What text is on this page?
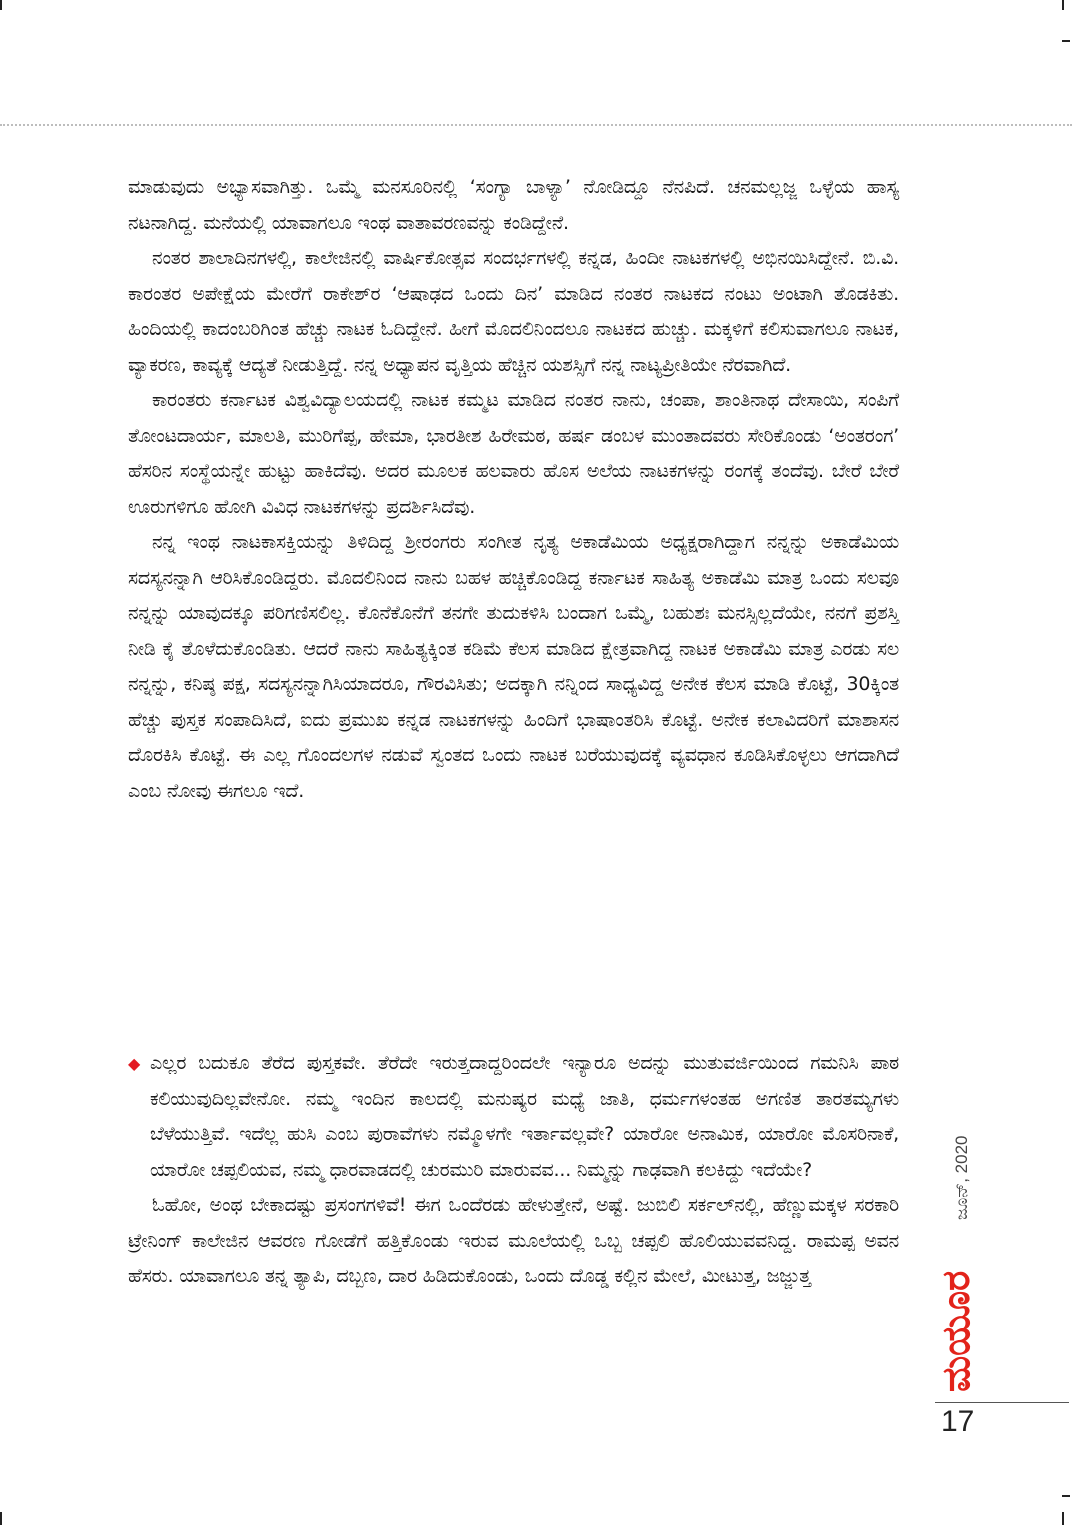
ಮಾಡುವುದು ಅಭ್ಯಾಸವಾಗಿತ್ತು. ಒಮ್ಮೆ ಮನಸೂರಿನಲ್ಲಿ ‘ಸಂಗ್ಯಾ ಬಾಳ್ಯಾ’ ನೋಡಿದ್ದೂ ನೆನಪಿದೆ. ಚನಮಲ್ಲಜ್ಜ ಒಳ್ಳೆಯ ಹಾಸ್ಯ ನಟನಾಗಿದ್ದ. ಮನೆಯಲ್ಲಿ ಯಾವಾಗಲೂ ಇಂಥ ವಾತಾವರಣವನ್ನು ಕಂಡಿದ್ದೇನೆ.

ನಂತರ ಶಾಲಾದಿನಗಳಲ್ಲಿ, ಕಾಲೇಜಿನಲ್ಲಿ ವಾರ್ಷಿಕೋತ್ಸವ ಸಂದರ್ಭಗಳಲ್ಲಿ ಕನ್ನಡ, ಹಿಂದೀ ನಾಟಕಗಳಲ್ಲಿ ಅಭಿನಯಿಸಿದ್ದೇನೆ. ಬಿ.ವಿ. ಕಾರಂತರ ಅಪೇಕ್ಷೆಯ ಮೇರೆಗೆ ರಾಕೇಶ್‌ರ ‘ಆಷಾಢದ ಒಂದು ದಿನ’ ಮಾಡಿದ ನಂತರ ನಾಟಕದ ನಂಟು ಅಂಟಾಗಿ ತೊಡಕಿತು. ಹಿಂದಿಯಲ್ಲಿ ಕಾದಂಬರಿಗಿಂತ ಹೆಚ್ಚು ನಾಟಕ ಓದಿದ್ದೇನೆ. ಹೀಗೆ ಮೊದಲಿನಿಂದಲೂ ನಾಟಕದ ಹುಚ್ಚು. ಮಕ್ಕಳಿಗೆ ಕಲಿಸುವಾಗಲೂ ನಾಟಕ, ವ್ಯಾಕರಣ, ಕಾವ್ಯಕ್ಕೆ ಆದ್ಯತೆ ನೀಡುತ್ತಿದ್ದೆ. ನನ್ನ ಅಧ್ಯಾಪನ ವೃತ್ತಿಯ ಹೆಚ್ಚಿನ ಯಶಸ್ಸಿಗೆ ನನ್ನ ನಾಟ್ಯಪ್ರೀತಿಯೇ ನೆರವಾಗಿದೆ.

ಕಾರಂತರು ಕರ್ನಾಟಕ ವಿಶ್ವವಿದ್ಯಾಲಯದಲ್ಲಿ ನಾಟಕ ಕಮ್ಮಟ ಮಾಡಿದ ನಂತರ ನಾನು, ಚಂಪಾ, ಶಾಂತಿನಾಥ ದೇಸಾಯಿ, ಸಂಪಿಗೆ ತೋಂಟದಾರ್ಯ, ಮಾಲತಿ, ಮುರಿಗೆಪ್ಪ, ಹೇಮಾ, ಭಾರತೀಶ ಹಿರೇಮಠ, ಹರ್ಷ ಡಂಬಳ ಮುಂತಾದವರು ಸೇರಿಕೊಂಡು ‘ಅಂತರಂಗ’ ಹೆಸರಿನ ಸಂಸ್ಥೆಯನ್ನೇ ಹುಟ್ಟು ಹಾಕಿದೆವು. ಅದರ ಮೂಲಕ ಹಲವಾರು ಹೊಸ ಅಲೆಯ ನಾಟಕಗಳನ್ನು ರಂಗಕ್ಕೆ ತಂದೆವು. ಬೇರೆ ಬೇರೆ ಊರುಗಳಿಗೂ ಹೋಗಿ ವಿವಿಧ ನಾಟಕಗಳನ್ನು ಪ್ರದರ್ಶಿಸಿದೆವು.

ನನ್ನ ಇಂಥ ನಾಟಕಾಸಕ್ತಿಯನ್ನು ತಿಳಿದಿದ್ದ ಶ್ರೀರಂಗರು ಸಂಗೀತ ನೃತ್ಯ ಅಕಾಡೆಮಿಯ ಅಧ್ಯಕ್ಷರಾಗಿದ್ದಾಗ ನನ್ನನ್ನು ಅಕಾಡೆಮಿಯ ಸದಸ್ಯನನ್ನಾಗಿ ಆರಿಸಿಕೊಂಡಿದ್ದರು. ಮೊದಲಿನಿಂದ ನಾನು ಬಹಳ ಹಚ್ಚಿಕೊಂಡಿದ್ದ ಕರ್ನಾಟಕ ಸಾಹಿತ್ಯ ಅಕಾಡೆಮಿ ಮಾತ್ರ ಒಂದು ಸಲವೂ ನನ್ನನ್ನು ಯಾವುದಕ್ಕೂ ಪರಿಗಣಿಸಲಿಲ್ಲ. ಕೊನೆಕೊನೆಗೆ ತನಗೇ ತುದುಕಳಿಸಿ ಬಂದಾಗ ಒಮ್ಮೆ, ಬಹುಶಃ ಮನಸ್ಸಿಲ್ಲದೆಯೇ, ನನಗೆ ಪ್ರಶಸ್ತಿ ನೀಡಿ ಕೈ ತೊಳೆದುಕೊಂಡಿತು. ಆದರೆ ನಾನು ಸಾಹಿತ್ಯಕ್ಕಿಂತ ಕಡಿಮೆ ಕೆಲಸ ಮಾಡಿದ ಕ್ಷೇತ್ರವಾಗಿದ್ದ ನಾಟಕ ಅಕಾಡೆಮಿ ಮಾತ್ರ ಎರಡು ಸಲ ನನ್ನನ್ನು, ಕನಿಷ್ಠ ಪಕ್ಷ, ಸದಸ್ಯನನ್ನಾಗಿಸಿಯಾದರೂ, ಗೌರವಿಸಿತು; ಅದಕ್ಕಾಗಿ ನನ್ನಿಂದ ಸಾಧ್ಯವಿದ್ದ ಅನೇಕ ಕೆಲಸ ಮಾಡಿ ಕೊಟ್ಟೆ, 30ಕ್ಕಿಂತ ಹೆಚ್ಚು ಪುಸ್ತಕ ಸಂಪಾದಿಸಿದೆ, ಐದು ಪ್ರಮುಖ ಕನ್ನಡ ನಾಟಕಗಳನ್ನು ಹಿಂದಿಗೆ ಭಾಷಾಂತರಿಸಿ ಕೊಟ್ಟೆ. ಅನೇಕ ಕಲಾವಿದರಿಗೆ ಮಾಶಾಸನ ದೊರಕಿಸಿ ಕೊಟ್ಟೆ. ಈ ಎಲ್ಲ ಗೊಂದಲಗಳ ನಡುವೆ ಸ್ವಂತದ ಒಂದು ನಾಟಕ ಬರೆಯುವುದಕ್ಕೆ ವ್ಯವಧಾನ ಕೂಡಿಸಿಕೊಳ್ಳಲು ಆಗದಾಗಿದೆ ಎಂಬ ನೋವು ಈಗಲೂ ಇದೆ.

◆ ಎಲ್ಲರ ಬದುಕೂ ತೆರೆದ ಪುಸ್ತಕವೇ. ತೆರೆದೇ ಇರುತ್ತದಾದ್ದರಿಂದಲೇ ಇನ್ಯಾರೂ ಅದನ್ನು ಮುತುವರ್ಜಿಯಿಂದ ಗಮನಿಸಿ ಪಾಠ ಕಲಿಯುವುದಿಲ್ಲವೇನೋ. ನಮ್ಮ ಇಂದಿನ ಕಾಲದಲ್ಲಿ ಮನುಷ್ಯರ ಮಧ್ಯೆ ಜಾತಿ, ಧರ್ಮಗಳಂತಹ ಅಗಣಿತ ತಾರತಮ್ಯಗಳು ಬೆಳೆಯುತ್ತಿವೆ. ಇದೆಲ್ಲ ಹುಸಿ ಎಂಬ ಪುರಾವೆಗಳು ನಮ್ಮೊಳಗೇ ಇರ್ತಾವಲ್ಲವೇ? ಯಾರೋ ಅನಾಮಿಕ, ಯಾರೋ ಮೊಸರಿನಾಕೆ, ಯಾರೋ ಚಪ್ಪಲಿಯವ, ನಮ್ಮ ಧಾರವಾಡದಲ್ಲಿ ಚುರಮುರಿ ಮಾರುವವ... ನಿಮ್ಮನ್ನು ಗಾಢವಾಗಿ ಕಲಕಿದ್ದು ಇದೆಯೇ?

ಓಹೋ, ಅಂಥ ಬೇಕಾದಷ್ಟು ಪ್ರಸಂಗಗಳಿವೆ! ಈಗ ಒಂದೆರಡು ಹೇಳುತ್ತೇನೆ, ಅಷ್ಟೆ. ಜುಬಿಲಿ ಸರ್ಕಲ್‌ನಲ್ಲಿ, ಹೆಣ್ಣುಮಕ್ಕಳ ಸರಕಾರಿ ಟ್ರೇನಿಂಗ್ ಕಾಲೇಜಿನ ಆವರಣ ಗೋಡೆಗೆ ಹತ್ತಿಕೊಂಡು ಇರುವ ಮೂಲೆಯಲ್ಲಿ ಒಬ್ಬ ಚಪ್ಪಲಿ ಹೊಲಿಯುವವನಿದ್ದ. ರಾಮಪ್ಪ ಅವನ ಹೆಸರು. ಯಾವಾಗಲೂ ತನ್ನ ತ್ಯಾಪಿ, ದಬ್ಬಣ, ದಾರ ಹಿಡಿದುಕೊಂಡು, ಒಂದು ದೊಡ್ಡ ಕಲ್ಲಿನ ಮೇಲೆ, ಮೀಟುತ್ತ, ಜಜ್ಜುತ್ತ

ಜೂನ್, 2020
ಮಯೂರ
17
